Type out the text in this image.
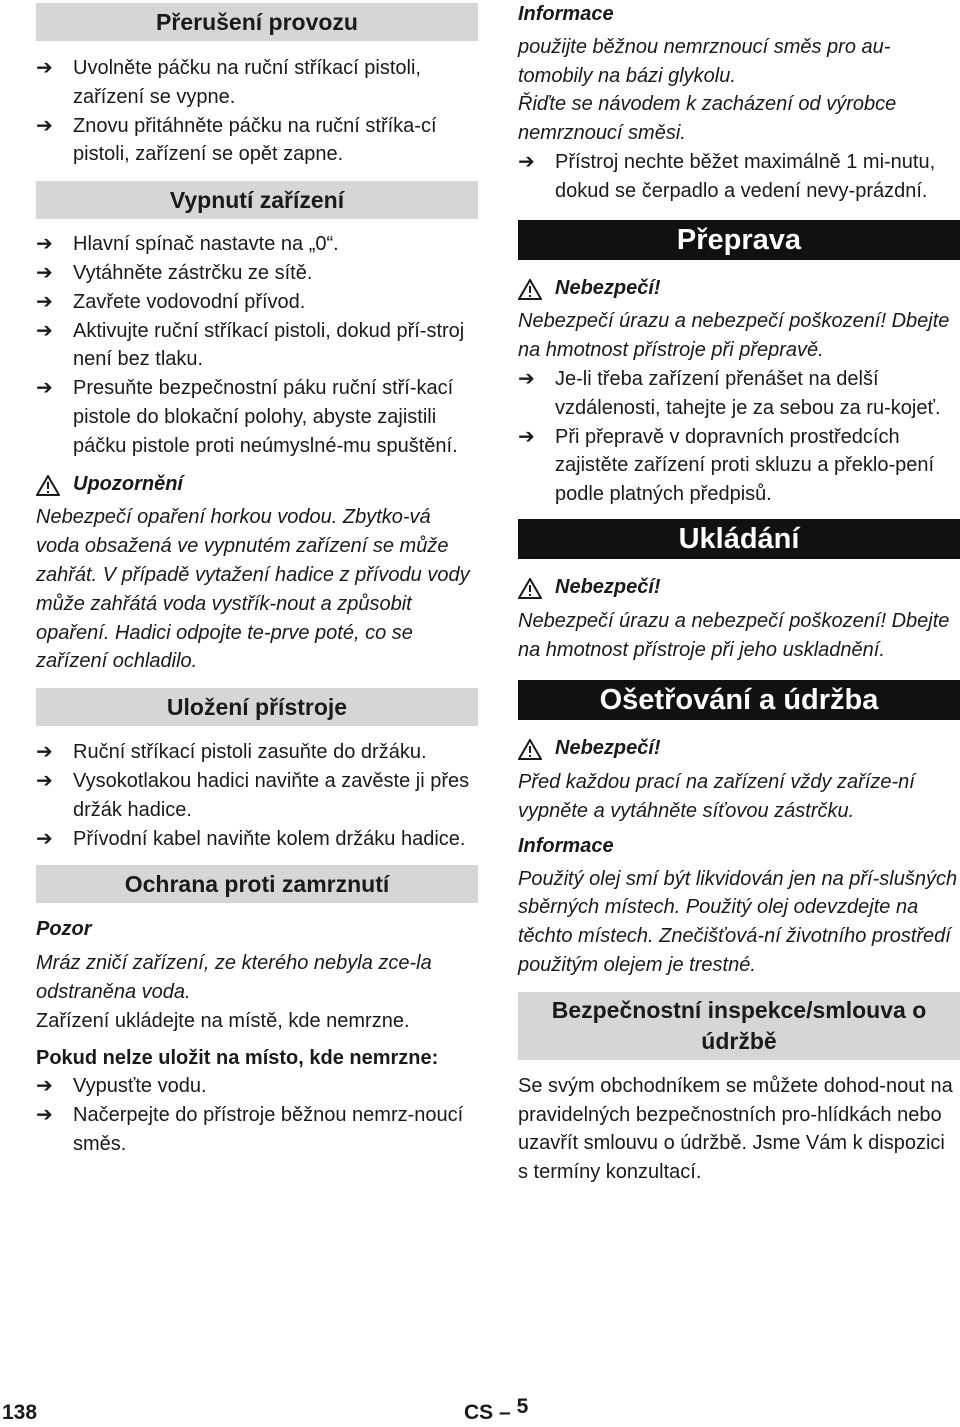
Přerušení provozu
➔ Uvolněte páčku na ruční stříkací pistoli, zařízení se vypne.
➔ Znovu přitáhněte páčku na ruční stříka-cí pistoli, zařízení se opět zapne.
Vypnutí zařízení
➔ Hlavní spínač nastavte na „0“.
➔ Vytáhněte zástrčku ze sítě.
➔ Zavřete vodovodní přívod.
➔ Aktivujte ruční stříkací pistoli, dokud pří-stroj není bez tlaku.
➔ Presuňte bezpečnostní páku ruční stří-kací pistole do blokační polohy, abyste zajistili páčku pistole proti neúmyslné-mu spuštění.
Upozornění
Nebezpečí opaření horkou vodou. Zbytko-vá voda obsažená ve vypnutém zařízení se může zahřát. V případě vytažení hadice z přívodu vody může zahřátá voda vystřík-nout a způsobit opaření. Hadici odpojte te-prve poté, co se zařízení ochladilo.
Uložení přístroje
➔ Ruční stříkací pistoli zasuňte do držáku.
➔ Vysokotlakou hadici naviňte a zavěste ji přes držák hadice.
➔ Přívodní kabel naviňte kolem držáku hadice.
Ochrana proti zamrznutí
Pozor
Mráz zničí zařízení, ze kterého nebyla zce-la odstraněna voda.
Zařízení ukládejte na místě, kde nemrzne.
Pokud nelze uložit na místo, kde nemrzne:
➔ Vypusťte vodu.
➔ Načerpejte do přístroje běžnou nemrz-noucí směs.
Informace
použijte běžnou nemrznoucí směs pro au-tomobily na bázi glykolu.
Řiďte se návodem k zacházení od výrobce nemrznoucí směsi.
➔ Přístroj nechte běžet maximálně 1 mi-nutu, dokud se čerpadlo a vedení nevy-prázdní.
Přeprava
Nebezpečí!
Nebezpečí úrazu a nebezpečí poškození! Dbejte na hmotnost přístroje při přepravě.
➔ Je-li třeba zařízení přenášet na delší vzdálenosti, tahejte je za sebou za ru-kojeť.
➔ Při přepravě v dopravních prostředcích zajistěte zařízení proti skluzu a překlo-pení podle platných předpisů.
Ukládání
Nebezpečí!
Nebezpečí úrazu a nebezpečí poškození! Dbejte na hmotnost přístroje při jeho uskladnění.
Ošetřování a údržba
Nebezpečí!
Před každou prací na zařízení vždy zaříze-ní vypněte a vytáhněte síťovou zástrčku.
Informace
Použitý olej smí být likvidován jen na pří-slušných sběrných místech. Použitý olej odevzdejte na těchto místech. Znečišťová-ní životního prostředí použitým olejem je trestné.
Bezpečnostní inspekce/smlouva o údržbě
Se svým obchodníkem se můžete dohod-nout na pravidelných bezpečnostních pro-hlídkách nebo uzavřít smlouvu o údržbě. Jsme Vám k dispozici s termíny konzultací.
138	CS – 5
